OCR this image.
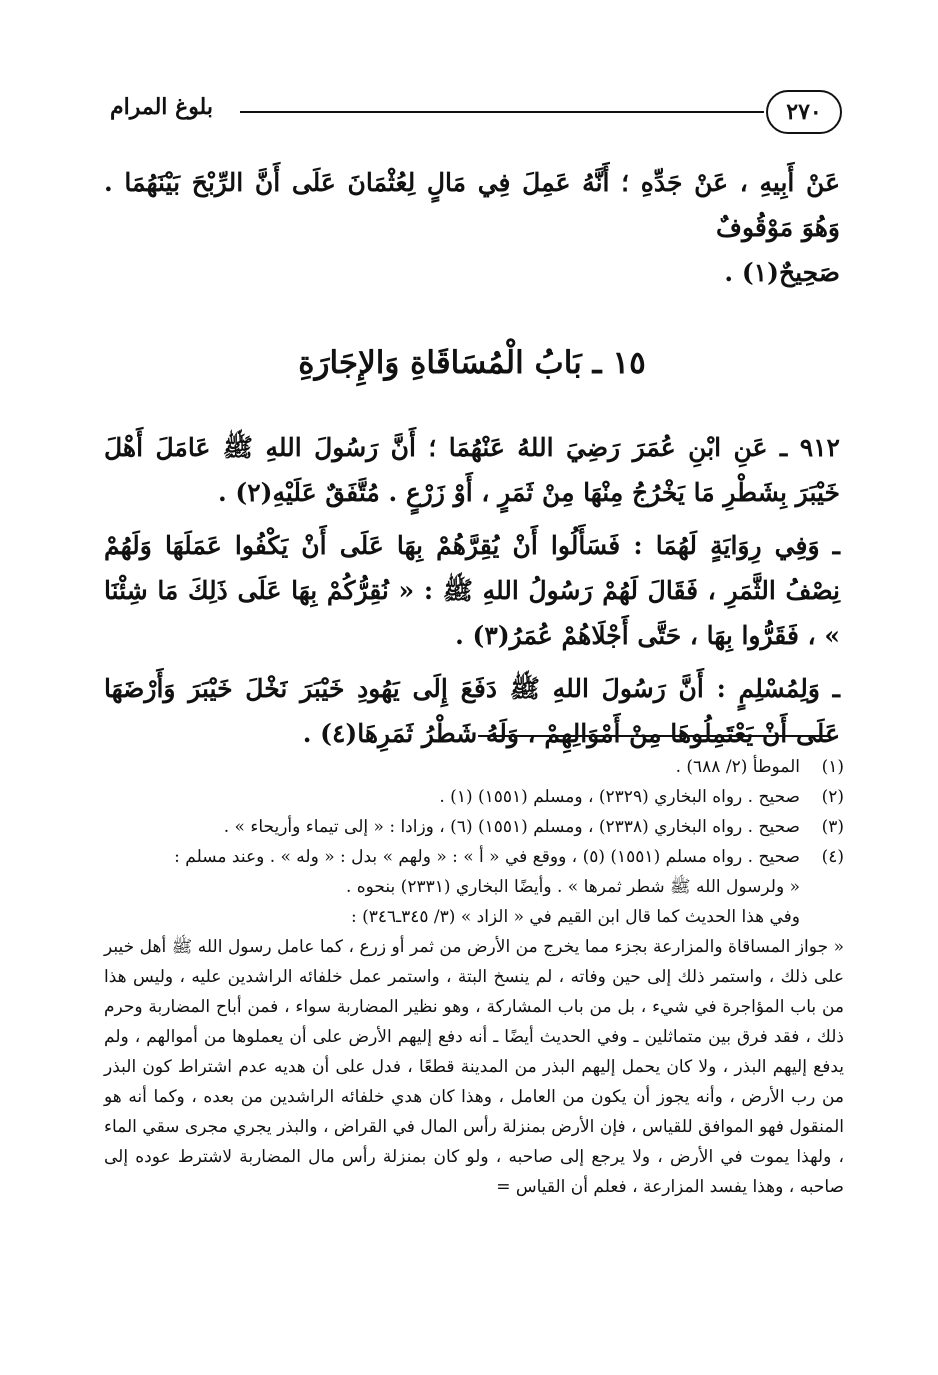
٢٧٠
بلوغ المرام

عَنْ أَبِيهِ ، عَنْ جَدِّهِ ؛ أَنَّهُ عَمِلَ فِي مَالٍ لِعُثْمَانَ عَلَى أَنَّ الرِّبْحَ بَيْنَهُمَا . وَهُوَ مَوْقُوفٌ

صَحِيحٌ(١) .

١٥ ـ بَابُ الْمُسَاقَاةِ وَالإِجَارَةِ

٩١٢ ـ عَنِ ابْنِ عُمَرَ رَضِيَ اللهُ عَنْهُمَا ؛ أَنَّ رَسُولَ اللهِ ﷺ عَامَلَ أَهْلَ خَيْبَرَ بِشَطْرِ مَا يَخْرُجُ مِنْهَا مِنْ ثَمَرٍ ، أَوْ زَرْعٍ . مُتَّفَقٌ عَلَيْهِ(٢) .

ـ وَفِي رِوَايَةٍ لَهُمَا : فَسَأَلُوا أَنْ يُقِرَّهُمْ بِهَا عَلَى أَنْ يَكْفُوا عَمَلَهَا وَلَهُمْ نِصْفُ الثَّمَرِ ، فَقَالَ لَهُمْ رَسُولُ اللهِ ﷺ : « نُقِرُّكُمْ بِهَا عَلَى ذَلِكَ مَا شِئْنَا » ، فَقَرُّوا بِهَا ، حَتَّى أَجْلَاهُمْ عُمَرُ(٣) .

ـ وَلِمُسْلِمٍ : أَنَّ رَسُولَ اللهِ ﷺ دَفَعَ إِلَى يَهُودِ خَيْبَرَ نَخْلَ خَيْبَرَ وَأَرْضَهَا عَلَى أَنْ يَعْتَمِلُوهَا مِنْ أَمْوَالِهِمْ ، وَلَهُ شَطْرُ ثَمَرِهَا(٤) .

(١)
الموطأ (٢/ ٦٨٨) .
(٢)
صحيح . رواه البخاري (٢٣٢٩) ، ومسلم (١٥٥١) (١) .
(٣)
صحيح . رواه البخاري (٢٣٣٨) ، ومسلم (١٥٥١) (٦) ، وزادا : « إلى تيماء وأريحاء » .
(٤)
صحيح . رواه مسلم (١٥٥١) (٥) ، ووقع في « أ » : « ولهم » بدل : « وله » . وعند مسلم :
« ولرسول الله ﷺ شطر ثمرها » . وأيضًا البخاري (٢٣٣١) بنحوه .
وفي هذا الحديث كما قال ابن القيم في « الزاد » (٣/ ٣٤٥ـ٣٤٦) :

« جواز المساقاة والمزارعة بجزء مما يخرج من الأرض من ثمر أو زرع ، كما عامل رسول الله ﷺ أهل خيبر على ذلك ، واستمر ذلك إلى حين وفاته ، لم ينسخ البتة ، واستمر عمل خلفائه الراشدين عليه ، وليس هذا من باب المؤاجرة في شيء ، بل من باب المشاركة ، وهو نظير المضاربة سواء ، فمن أباح المضاربة وحرم ذلك ، فقد فرق بين متماثلين ـ وفي الحديث أيضًا ـ أنه دفع إليهم الأرض على أن يعملوها من أموالهم ، ولم يدفع إليهم البذر ، ولا كان يحمل إليهم البذر من المدينة قطعًا ، فدل على أن هديه عدم اشتراط كون البذر من رب الأرض ، وأنه يجوز أن يكون من العامل ، وهذا كان هدي خلفائه الراشدين من بعده ، وكما أنه هو المنقول فهو الموافق للقياس ، فإن الأرض بمنزلة رأس المال في القراض ، والبذر يجري مجرى سقي الماء ، ولهذا يموت في الأرض ، ولا يرجع إلى صاحبه ، ولو كان بمنزلة رأس مال المضاربة لاشترط عوده إلى صاحبه ، وهذا يفسد المزارعة ، فعلم أن القياس =
